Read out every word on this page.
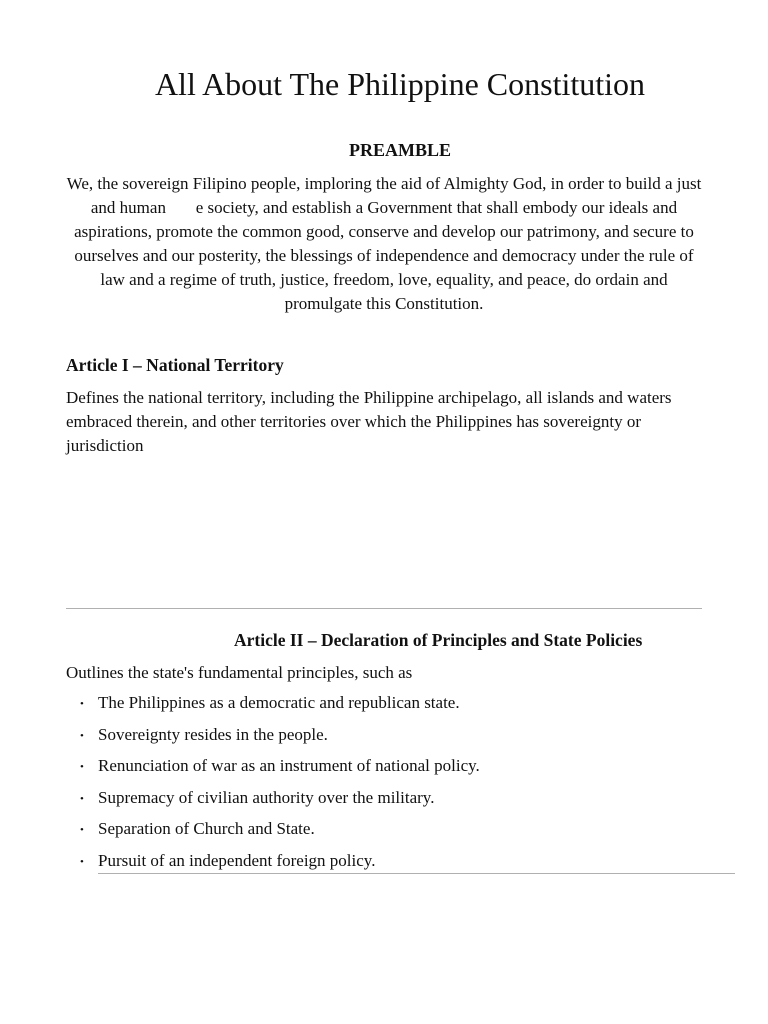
All About The Philippine Constitution
PREAMBLE

We, the sovereign Filipino people, imploring the aid of Almighty God, in order to build a just and human       e society, and establish a Government that shall embody our ideals and aspirations, promote the common good, conserve and develop our patrimony, and secure to ourselves and our posterity, the blessings of independence and democracy under the rule of law and a regime of truth, justice, freedom, love, equality, and peace, do ordain and promulgate this Constitution.

Article I – National Territory

Defines the national territory, including the Philippine archipelago, all islands and waters embraced therein, and other territories over which the Philippines has sovereignty or jurisdiction

Article II – Declaration of Principles and State Policies

Outlines the state's fundamental principles, such as

• The Philippines as a democratic and republican state.
• Sovereignty resides in the people.
• Renunciation of war as an instrument of national policy.
• Supremacy of civilian authority over the military.
• Separation of Church and State.
• Pursuit of an independent foreign policy.
